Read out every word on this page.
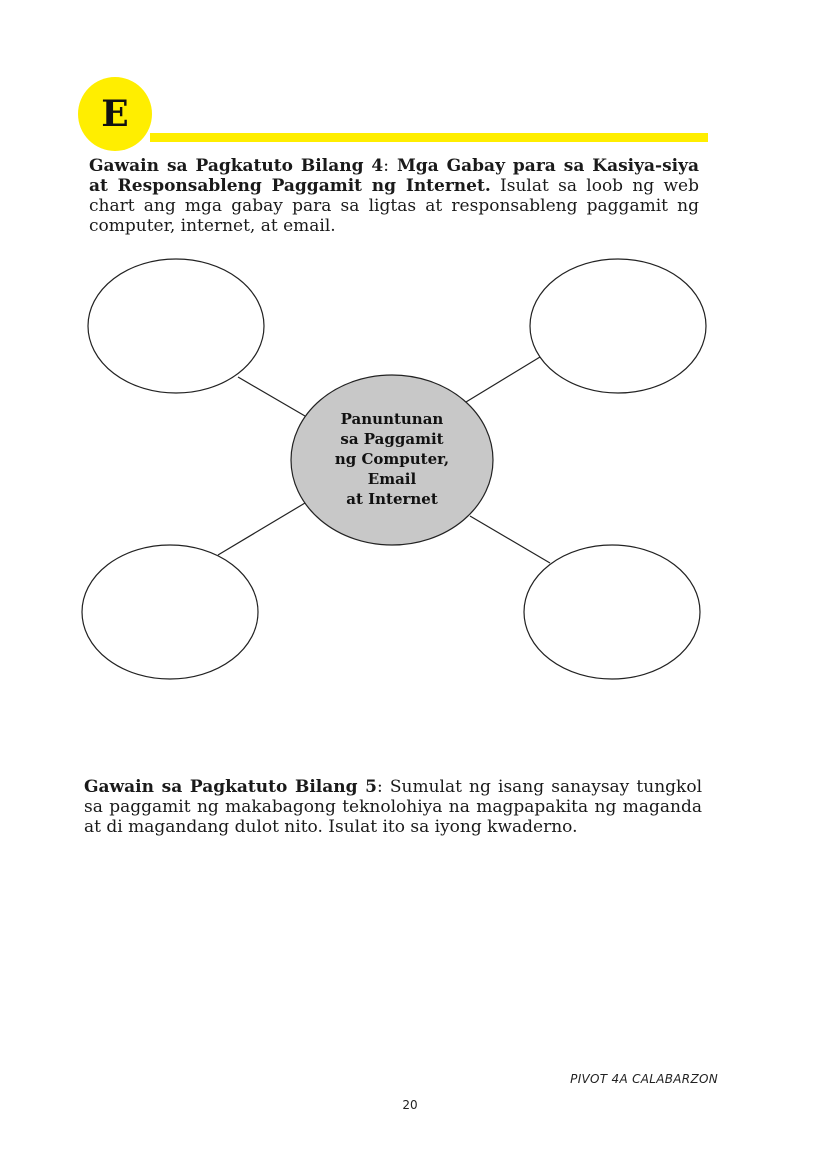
E

Gawain sa Pagkatuto Bilang 4: Mga Gabay para sa Kasiya-siya at Responsableng Paggamit ng Internet. Isulat sa loob ng web chart ang mga gabay para sa ligtas at responsableng paggamit ng computer, internet, at email.

Panuntunan
sa Paggamit
ng Computer,
Email
at Internet

Gawain sa Pagkatuto Bilang 5: Sumulat ng isang sanaysay tungkol sa paggamit ng makabagong teknolohiya na magpapakita ng maganda at di magandang dulot nito. Isulat ito sa iyong kwaderno.

PIVOT 4A CALABARZON
20
